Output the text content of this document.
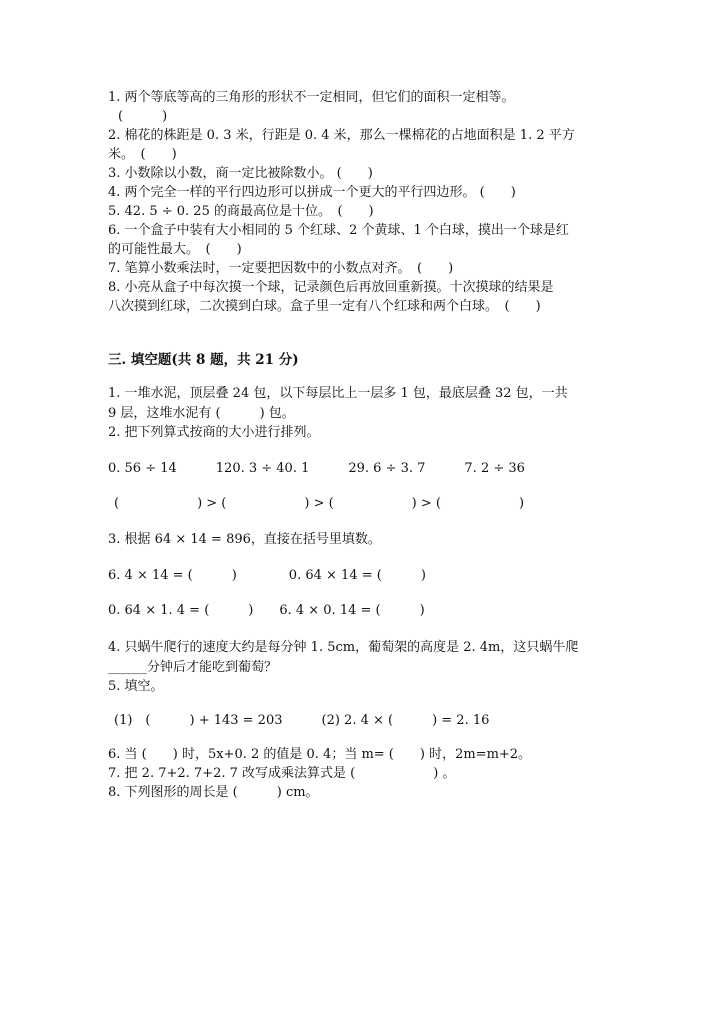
1. 两个等底等高的三角形的形状不一定相同，但它们的面积一定相等。
(　　　)
2. 棉花的株距是 0. 3 米，行距是 0. 4 米，那么一棵棉花的占地面积是 1. 2 平方
米。　(　　)
3. 小数除以小数，商一定比被除数小。 (　　)
4. 两个完全一样的平行四边形可以拼成一个更大的平行四边形。 (　　)
5. 42. 5 ÷ 0. 25 的商最高位是十位。　(　　)
6. 一个盒子中装有大小相同的 5 个红球、2 个黄球、1 个白球，摸出一个球是红
的可能性最大。　(　　)
7. 笔算小数乘法时，一定要把因数中的小数点对齐。　(　　)
8. 小亮从盒子中每次摸一个球，记录颜色后再放回重新摸。十次摸球的结果是
八次摸到红球，二次摸到白球。盒子里一定有八个红球和两个白球。　(　　)
三. 填空题(共 8 题，共 21 分)
1. 一堆水泥，顶层叠 24 包，以下每层比上一层多 1 包，最底层叠 32 包，一共
9 层，这堆水泥有 (　　　) 包。
2. 把下列算式按商的大小进行排列。
0. 56 ÷ 14　　　120. 3 ÷ 40. 1　　　29. 6 ÷ 3. 7　　　7. 2 ÷ 36
(　　　　　　) > (　　　　　　) > (　　　　　　) > (　　　　　　)
3. 根据 64 × 14 = 896，直接在括号里填数。
6. 4 × 14 = (　　　)　　　　0. 64 × 14 = (　　　)
0. 64 × 1. 4 = (　　　)　　6. 4 × 0. 14 = (　　　)
4. 只蜗牛爬行的速度大约是每分钟 1. 5cm，葡萄架的高度是 2. 4m，这只蜗牛爬
______分钟后才能吃到葡萄？
5. 填空。
(1)　(　　　) + 143 = 203　　　(2) 2. 4 × (　　　) = 2. 16
6. 当 (　　) 时，5x+0. 2 的值是 0. 4；当 m= (　　) 时，2m=m+2。
7. 把 2. 7+2. 7+2. 7 改写成乘法算式是 (　　　　　　) 。
8. 下列图形的周长是 (　　　) cm。
